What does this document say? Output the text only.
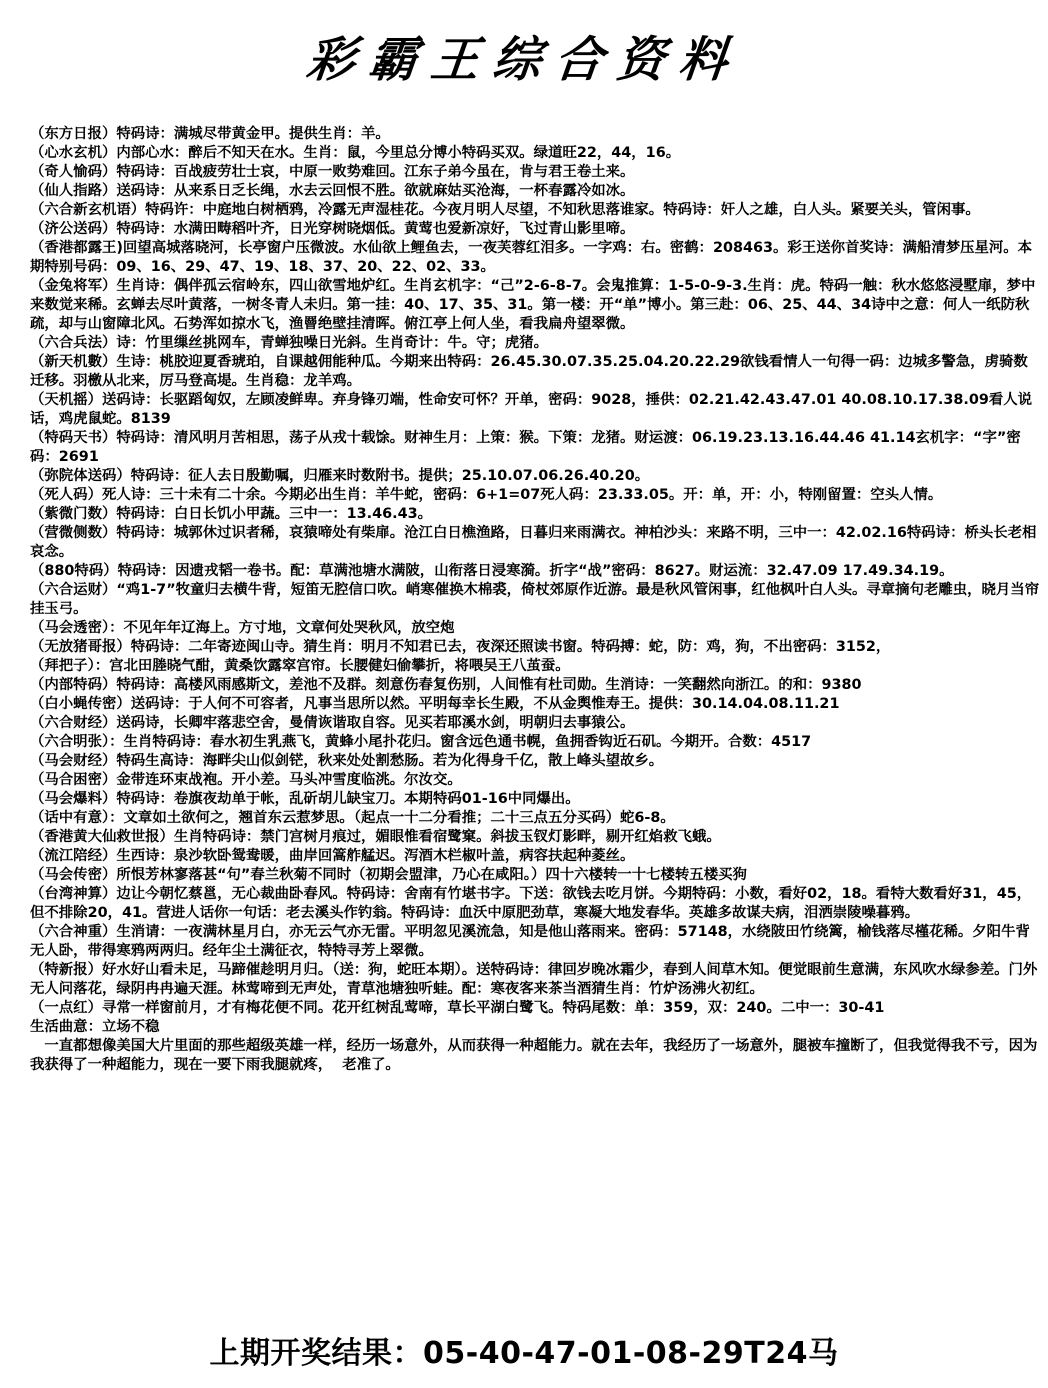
彩霸王综合资料

（东方日报）特码诗：满城尽带黄金甲。提供生肖：羊。

（心水玄机）内部心水：醉后不知天在水。生肖：鼠，今里总分博小特码买双。绿道旺22，44，16。

（奇人愉码）特码诗：百战疲劳壮士哀，中原一败势难回。江东子弟今虽在，肯与君王卷土来。

（仙人指路）送码诗：从来系日乏长绳，水去云回恨不胜。欲就麻姑买沧海，一杯春露冷如冰。

（六合新玄机语）特码许：中庭地白树栖鸦，冷露无声湿桂花。今夜月明人尽望，不知秋思落谁家。特码诗：奸人之雄，白人头。紧要关头，管闲事。

（济公送码）特码诗：水满田畴稻叶齐，日光穿树晓烟低。黄莺也爱新凉好，飞过青山影里啼。

（香港都露王)回望高城落晓河，长亭窗户压微波。水仙欲上鲤鱼去，一夜芙蓉红泪多。一字鸡：右。密鹤：208463。彩王送你首奖诗：满船清梦压星河。本期特别号码：09、16、29、47、19、18、37、20、22、02、33。

（金兔将军）生肖诗：偶伴孤云宿岭东，四山欲雪地炉红。生肖玄机字：“己”2-6-8-7。会鬼推算：1-5-0-9-3.生肖：虎。特码一触：秋水悠悠浸墅扉，梦中来数觉来稀。玄蝉去尽叶黄落，一树冬青人未归。第一挂：40、17、35、31。第一楼：开“单”博小。第三赴：06、25、44、34诗中之意：何人一纸防秋疏，却与山窗障北风。石势浑如掠水飞，渔罾绝壁挂清晖。俯江亭上何人坐，看我扁舟望翠微。

（六合兵法）诗：竹里缫丝挑网车，青蝉独噪日光斜。生肖奇计：牛。守；虎猪。

（新天机數）生诗：桃胶迎夏香琥珀，自课越佣能种瓜。今期来出特码：26.45.30.07.35.25.04.20.22.29欲钱看情人一句得一码：边城多警急，虏骑数迁移。羽檄从北来，厉马登高堤。生肖稳：龙羊鸡。

（天机摇）送码诗：长驱蹈匈奴，左顾凌鲜卑。弃身锋刃端，性命安可怀？开单，密码：9028，捶供：02.21.42.43.47.01 40.08.10.17.38.09看人说话，鸡虎鼠蛇。8139

（特码天书）特码诗：清风明月苦相思，荡子从戎十载馀。财神生月：上策：猴。下策：龙猪。财运渡：06.19.23.13.16.44.46 41.14玄机字：“字”密码：2691

（弥院体送码）特码诗：征人去日殷勤嘱，归雁来时数附书。提供；25.10.07.06.26.40.20。

（死人码）死人诗：三十未有二十余。今期必出生肖：羊牛蛇，密码：6+1=07死人码：23.33.05。开：单，开：小，特刚留置：空头人情。

（紫微门数）特码诗：白日长饥小甲蔬。三中一：13.46.43。

（营微侧数）特码诗：城郭休过识者稀，哀猿啼处有柴扉。沧江白日樵渔路，日暮归来雨满衣。神柏沙头：来路不明，三中一：42.02.16特码诗：桥头长老相哀念。

（880特码）特码诗：因遗戎韬一卷书。配：草满池塘水满陂，山衔落日浸寒漪。折字“战”密码：8627。财运流：32.47.09 17.49.34.19。

（六合运财）“鸡1-7”牧童归去横牛背，短笛无腔信口吹。峭寒催换木棉裘，倚杖郊原作近游。最是秋风管闲事，红他枫叶白人头。寻章摘句老雕虫，晓月当帘挂玉弓。

（马会透密）：不见年年辽海上。方寸地，文章何处哭秋风，放空炮

（无放猪哥报）特码诗：二年寄迹闽山寺。猜生肖：明月不知君已去，夜深还照读书窗。特码搏：蛇，防：鸡，狗，不出密码：3152，

（拜把子）：宫北田塍晓气酣，黄桑饮露窣宫帘。长腰健妇偷攀折，将喂吴王八茧蚕。

（内部特码）特码诗：高楼风雨感斯文，差池不及群。刻意伤春复伤别，人间惟有杜司勋。生消诗：一笑翻然向浙江。的和：9380

（白小蝇传密）送码诗：于人何不可容者，凡事当思所以然。平明每幸长生殿，不从金舆惟寿王。提供：30.14.04.08.11.21

（六合财经）送码诗，长卿牢落悲空舍，曼倩诙谐取自容。见买若耶溪水剑，明朝归去事猿公。

（六合明张）：生肖特码诗：春水初生乳燕飞，黄蜂小尾扑花归。窗含远色通书幌，鱼拥香钩近石矶。今期开。合数：4517

（马会财经）特码生高诗：海畔尖山似剑铓，秋来处处割愁肠。若为化得身千亿，散上峰头望故乡。

（马合困密）金带连环束战袍。开小差。马头冲雪度临洮。尔汝交。

（马会爆料）特码诗：卷旗夜劫单于帐，乱斫胡儿缺宝刀。本期特码01-16中同爆出。

（话中有意）：文章如土欲何之，翘首东云惹梦思。（起点一十二分看推；二十三点五分买码）蛇6-8。

（香港黄大仙救世报）生肖特码诗：禁门宫树月痕过，媚眼惟看宿鹭窠。斜拔玉钗灯影畔，剔开红焰救飞蛾。

（流江陪经）生西诗：泉沙软卧鸳鸯暖，曲岸回篙舴艋迟。泻酒木栏椒叶盖，病容扶起种菱丝。

（马会传密）所恨芳林寥落甚“句”春兰秋菊不同时（初期会盟津，乃心在咸阳。）四十六楼转一十七楼转五楼买狗

（台湾神算）边让今朝忆蔡邕，无心裁曲卧春风。特码诗：舍南有竹堪书字。下送：欲钱去吃月饼。今期特码：小数，看好02，18。看特大数看好31，45，但不排除20，41。营进人话你一句话：老去溪头作钓翁。特码诗：血沃中原肥劲草，寒凝大地发春华。英雄多故谋夫病，泪洒崇陵噪暮鸦。

（六合神重）生消请：一夜满林星月白，亦无云气亦无雷。平明忽见溪流急，知是他山落雨来。密码：57148，水绕陂田竹绕篱，榆钱落尽槿花稀。夕阳牛背无人卧，带得寒鸦两两归。经年尘土满征衣，特特寻芳上翠微。

（特新报）好水好山看未足，马蹄催趁明月归。（送：狗，蛇旺本期）。送特码诗：律回岁晚冰霜少，春到人间草木知。便觉眼前生意满，东风吹水绿参差。门外无人问落花，绿阴冉冉遍天涯。林莺啼到无声处，青草池塘独听蛙。配：寒夜客来茶当酒猜生肖：竹炉汤沸火初红。

（一点红）寻常一样窗前月，才有梅花便不同。花开红树乱莺啼，草长平湖白鹭飞。特码尾数：单：359，双：240。二中一：30-41

生活曲意：立场不稳

　一直都想像美国大片里面的那些超级英雄一样，经历一场意外，从而获得一种超能力。就在去年，我经历了一场意外，腿被车撞断了，但我觉得我不亏，因为我获得了一种超能力，现在一要下雨我腿就疼，  老准了。

上期开奖结果：05-40-47-01-08-29T24马
